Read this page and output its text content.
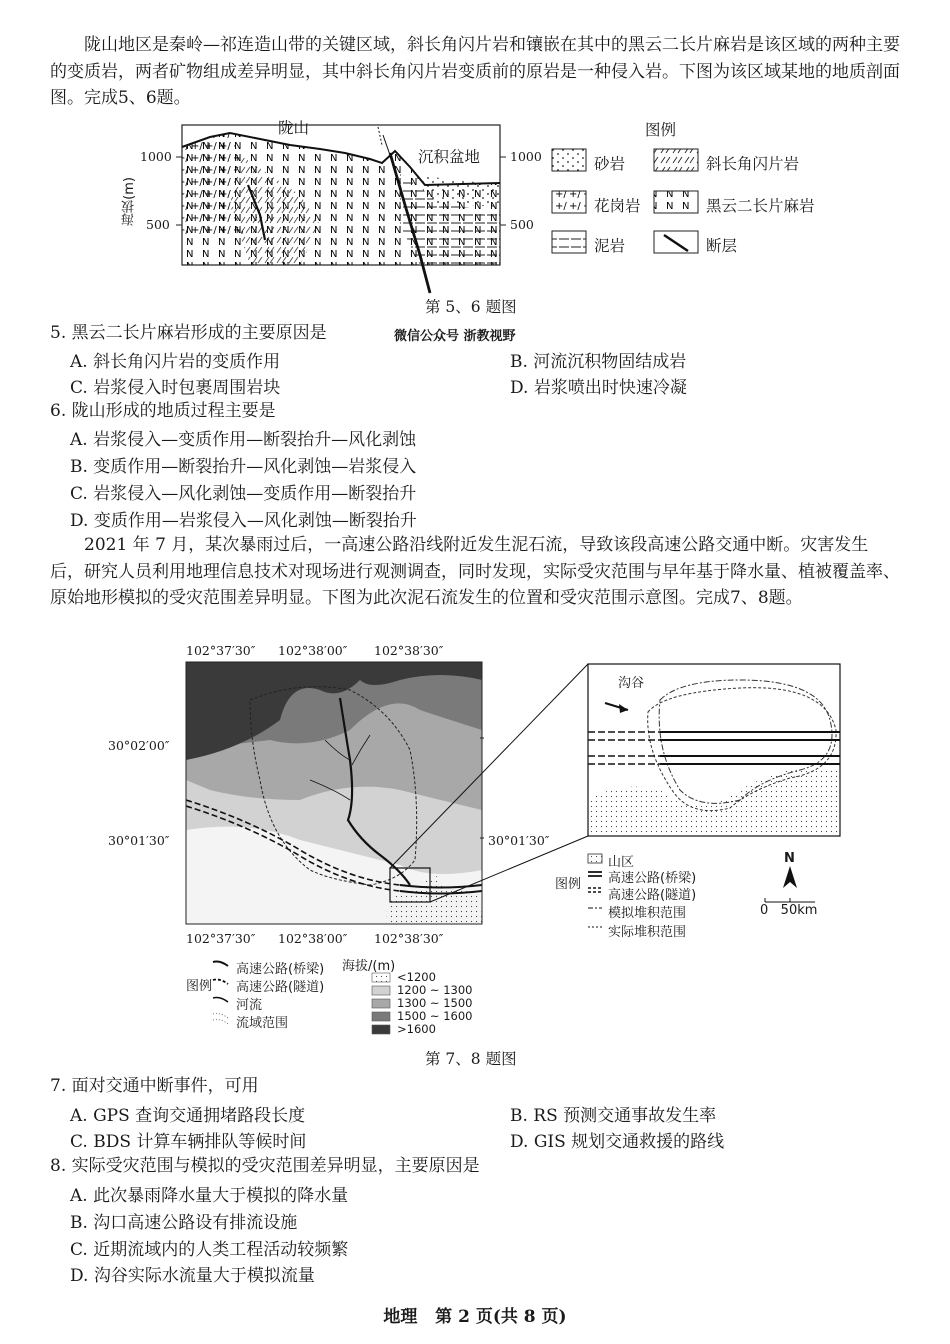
陇山地区是秦岭—祁连造山带的关键区域，斜长角闪片岩和镶嵌在其中的黑云二长片麻岩是该区域的两种主要的变质岩，两者矿物组成差异明显，其中斜长角闪片岩变质前的原岩是一种侵入岩。下图为该区域某地的地质剖面图。完成5、6题。
陇山
沉积盆地
海拔(m)
1000
500
1000
500
图例
砂岩	斜长角闪片岩
花岗岩	黑云二长片麻岩
泥岩	断层
第 5、6 题图
5. 黑云二长片麻岩形成的主要原因是	微信公众号 浙教视野
A. 斜长角闪片岩的变质作用	B. 河流沉积物固结成岩
C. 岩浆侵入时包裹周围岩块	D. 岩浆喷出时快速冷凝
6. 陇山形成的地质过程主要是
A. 岩浆侵入—变质作用—断裂抬升—风化剥蚀
B. 变质作用—断裂抬升—风化剥蚀—岩浆侵入
C. 岩浆侵入—风化剥蚀—变质作用—断裂抬升
D. 变质作用—岩浆侵入—风化剥蚀—断裂抬升
2021 年 7 月，某次暴雨过后，一高速公路沿线附近发生泥石流，导致该段高速公路交通中断。灾害发生后，研究人员利用地理信息技术对现场进行观测调查，同时发现，实际受灾范围与早年基于降水量、植被覆盖率、原始地形模拟的受灾范围差异明显。下图为此次泥石流发生的位置和受灾范围示意图。完成7、8题。
102°37′30″ 102°38′00″ 102°38′30″
102°37′30″ 102°38′00″ 102°38′30″
30°02′00″
30°01′30″	30°01′30″
沟谷
图例
山区
高速公路(桥梁)
高速公路(隧道)
模拟堆积范围
实际堆积范围
N
0   50km
海拔/(m)
图例
高速公路(桥梁)
高速公路(隧道)
河流
流域范围
<1200
1200 ~ 1300
1300 ~ 1500
1500 ~ 1600
>1600
第 7、8 题图
7. 面对交通中断事件，可用
A. GPS 查询交通拥堵路段长度	B. RS 预测交通事故发生率
C. BDS 计算车辆排队等候时间	D. GIS 规划交通救援的路线
8. 实际受灾范围与模拟的受灾范围差异明显，主要原因是
A. 此次暴雨降水量大于模拟的降水量
B. 沟口高速公路设有排流设施
C. 近期流域内的人类工程活动较频繁
D. 沟谷实际水流量大于模拟流量
地理   第 2 页(共 8 页)
